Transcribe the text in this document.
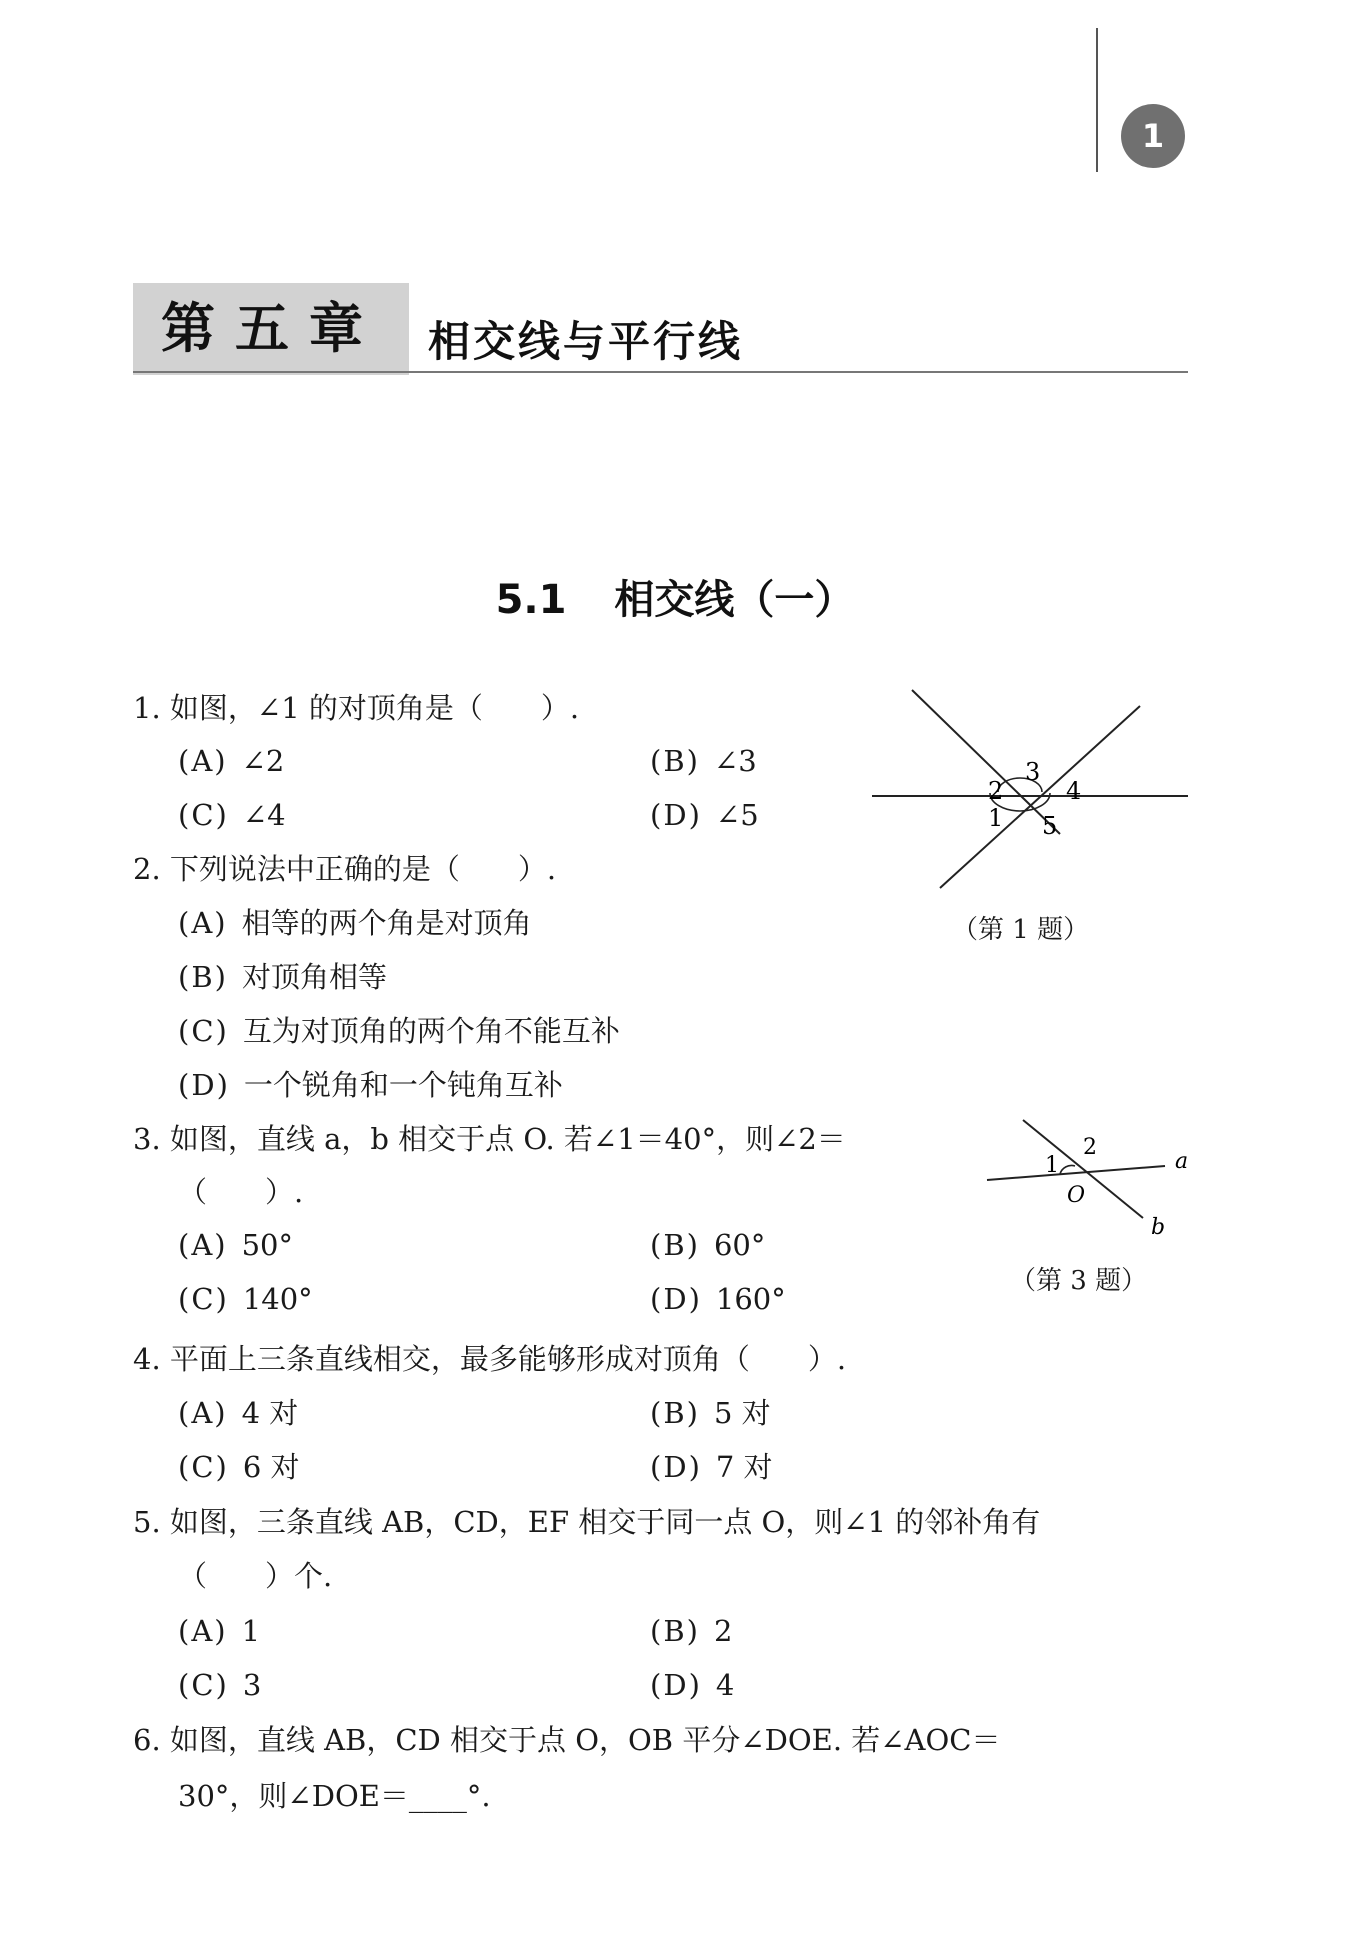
1
第五章	相交线与平行线
5.1 相交线（一）
1. 如图，∠1 的对顶角是（　　）.
(A) ∠2	(B) ∠3
(C) ∠4	(D) ∠5
2. 下列说法中正确的是（　　）.
(A) 相等的两个角是对顶角
(B) 对顶角相等
(C) 互为对顶角的两个角不能互补
(D) 一个锐角和一个钝角互补
3. 如图，直线 a，b 相交于点 O. 若∠1＝40°，则∠2＝
（　　）.
(A) 50°	(B) 60°
(C) 140°	(D) 160°
4. 平面上三条直线相交，最多能够形成对顶角（　　）.
(A) 4 对	(B) 5 对
(C) 6 对	(D) 7 对
5. 如图，三条直线 AB，CD，EF 相交于同一点 O，则∠1 的邻补角有
（　　）个.
(A) 1	(B) 2
(C) 3	(D) 4
6. 如图，直线 AB，CD 相交于点 O，OB 平分∠DOE. 若∠AOC＝
30°，则∠DOE＝____°.
2
3
4
1 5
（第 1 题）
1
2
O
a
b
（第 3 题）
